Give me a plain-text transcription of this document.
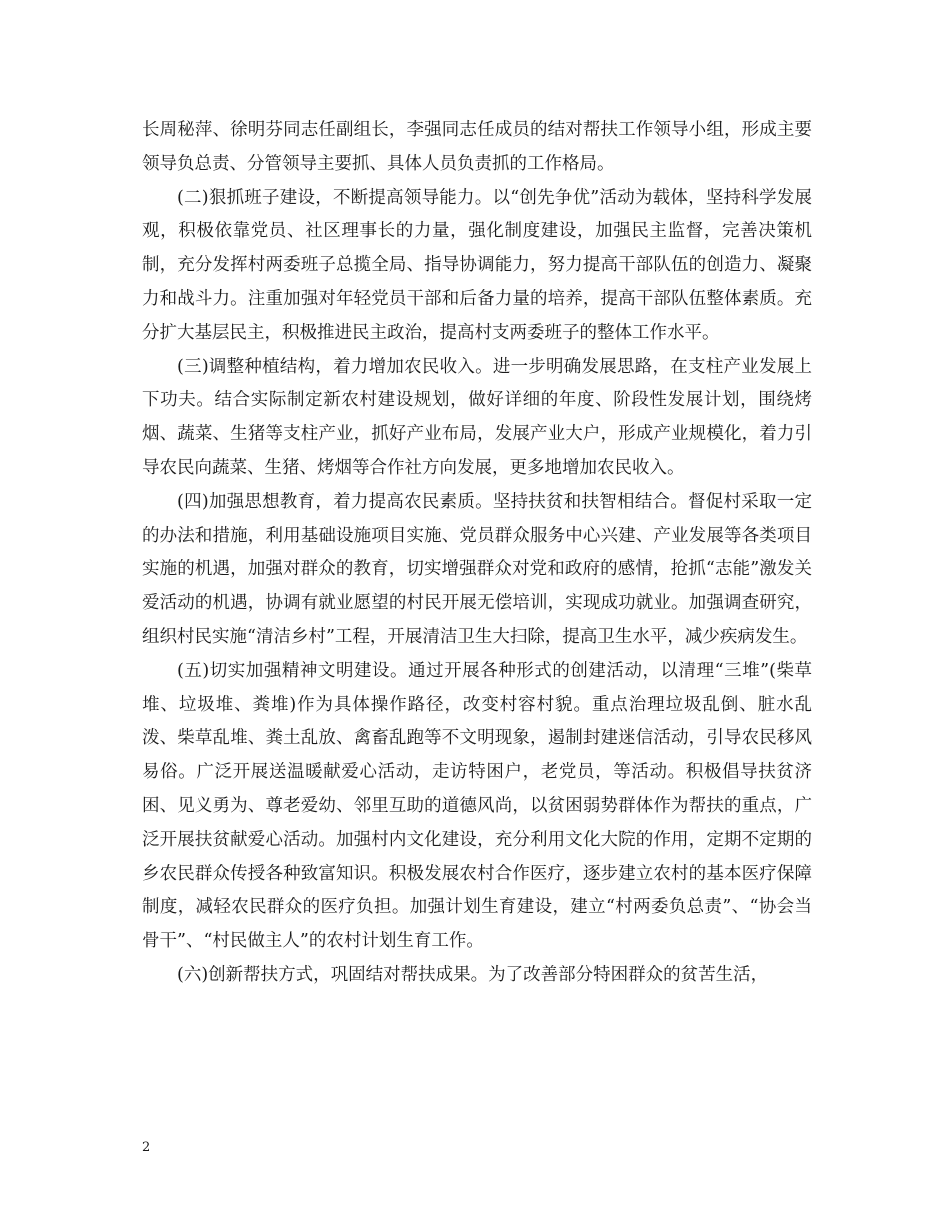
长周秘萍、徐明芬同志任副组长，李强同志任成员的结对帮扶工作领导小组，形成主要领导负总责、分管领导主要抓、具体人员负责抓的工作格局。

(二)狠抓班子建设，不断提高领导能力。以“创先争优”活动为载体，坚持科学发展观，积极依靠党员、社区理事长的力量，强化制度建设，加强民主监督，完善决策机制，充分发挥村两委班子总揽全局、指导协调能力，努力提高干部队伍的创造力、凝聚力和战斗力。注重加强对年轻党员干部和后备力量的培养，提高干部队伍整体素质。充分扩大基层民主，积极推进民主政治，提高村支两委班子的整体工作水平。

(三)调整种植结构，着力增加农民收入。进一步明确发展思路，在支柱产业发展上下功夫。结合实际制定新农村建设规划，做好详细的年度、阶段性发展计划，围绕烤烟、蔬菜、生猪等支柱产业，抓好产业布局，发展产业大户，形成产业规模化，着力引导农民向蔬菜、生猪、烤烟等合作社方向发展，更多地增加农民收入。

(四)加强思想教育，着力提高农民素质。坚持扶贫和扶智相结合。督促村采取一定的办法和措施，利用基础设施项目实施、党员群众服务中心兴建、产业发展等各类项目实施的机遇，加强对群众的教育，切实增强群众对党和政府的感情，抢抓“志能”激发关爱活动的机遇，协调有就业愿望的村民开展无偿培训，实现成功就业。加强调查研究，组织村民实施“清洁乡村”工程，开展清洁卫生大扫除，提高卫生水平，减少疾病发生。

(五)切实加强精神文明建设。通过开展各种形式的创建活动，以清理“三堆”(柴草堆、垃圾堆、粪堆)作为具体操作路径，改变村容村貌。重点治理垃圾乱倒、脏水乱泼、柴草乱堆、粪土乱放、禽畜乱跑等不文明现象，遏制封建迷信活动，引导农民移风易俗。广泛开展送温暖献爱心活动，走访特困户，老党员，等活动。积极倡导扶贫济困、见义勇为、尊老爱幼、邻里互助的道德风尚，以贫困弱势群体作为帮扶的重点，广泛开展扶贫献爱心活动。加强村内文化建设，充分利用文化大院的作用，定期不定期的乡农民群众传授各种致富知识。积极发展农村合作医疗，逐步建立农村的基本医疗保障制度，减轻农民群众的医疗负担。加强计划生育建设，建立“村两委负总责”、“协会当骨干”、“村民做主人”的农村计划生育工作。

(六)创新帮扶方式，巩固结对帮扶成果。为了改善部分特困群众的贫苦生活，

2
